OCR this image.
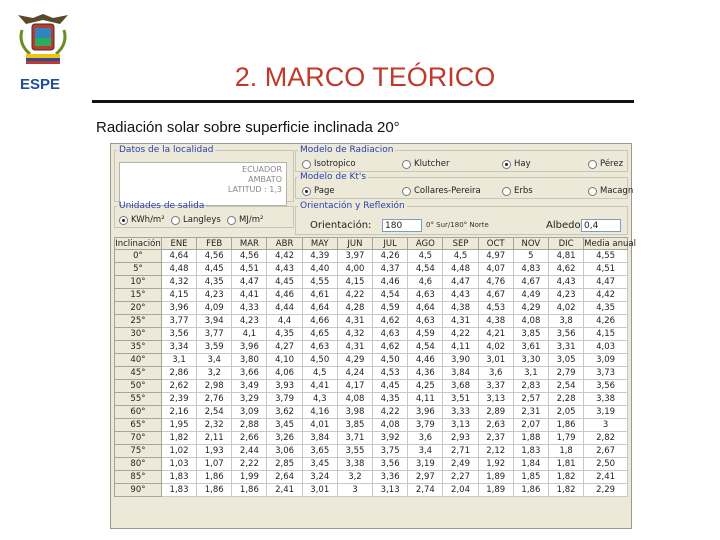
ESPE	2. MARCO TEÓRICO
Radiación solar sobre superficie inclinada 20°
Datos de la localidad
ECUADOR
AMBATO
LATITUD : 1,3
Unidades de salida
KWh/m² Langleys MJ/m²
Modelo de Radiacion
Isotropico	Klutcher	Hay	Pérez
Modelo de Kt's
Page	Collares-Pereira	Erbs	Macagn
Orientación y Reflexión
Orientación:	180	0° Sur/180° Norte	Albedo 0,4
Inclinación	ENE	FEB	MAR	ABR	MAY	JUN	JUL	AGO	SEP	OCT	NOV	DIC	Media anual
0°	4,64	4,56	4,56	4,42	4,39	3,97	4,26	4,5	4,5	4,97	5	4,81	4,55
5°	4,48	4,45	4,51	4,43	4,40	4,00	4,37	4,54	4,48	4,07	4,83	4,62	4,51
10°	4,32	4,35	4,47	4,45	4,55	4,15	4,46	4,6	4,47	4,76	4,67	4,43	4,47
15°	4,15	4,23	4,41	4,46	4,61	4,22	4,54	4,63	4,43	4,67	4,49	4,23	4,42
20°	3,96	4,09	4,33	4,44	4,64	4,28	4,59	4,64	4,38	4,53	4,29	4,02	4,35
25°	3,77	3,94	4,23	4,4	4,66	4,31	4,62	4,63	4,31	4,38	4,08	3,8	4,26
30°	3,56	3,77	4,1	4,35	4,65	4,32	4,63	4,59	4,22	4,21	3,85	3,56	4,15
35°	3,34	3,59	3,96	4,27	4,63	4,31	4,62	4,54	4,11	4,02	3,61	3,31	4,03
40°	3,1	3,4	3,80	4,10	4,50	4,29	4,50	4,46	3,90	3,01	3,30	3,05	3,09
45°	2,86	3,2	3,66	4,06	4,5	4,24	4,53	4,36	3,84	3,6	3,1	2,79	3,73
50°	2,62	2,98	3,49	3,93	4,41	4,17	4,45	4,25	3,68	3,37	2,83	2,54	3,56
55°	2,39	2,76	3,29	3,79	4,3	4,08	4,35	4,11	3,51	3,13	2,57	2,28	3,38
60°	2,16	2,54	3,09	3,62	4,16	3,98	4,22	3,96	3,33	2,89	2,31	2,05	3,19
65°	1,95	2,32	2,88	3,45	4,01	3,85	4,08	3,79	3,13	2,63	2,07	1,86	3
70°	1,82	2,11	2,66	3,26	3,84	3,71	3,92	3,6	2,93	2,37	1,88	1,79	2,82
75°	1,02	1,93	2,44	3,06	3,65	3,55	3,75	3,4	2,71	2,12	1,83	1,8	2,67
80°	1,03	1,07	2,22	2,85	3,45	3,38	3,56	3,19	2,49	1,92	1,84	1,81	2,50
85°	1,83	1,86	1,99	2,64	3,24	3,2	3,36	2,97	2,27	1,89	1,85	1,82	2,41
90°	1,83	1,86	1,86	2,41	3,01	3	3,13	2,74	2,04	1,89	1,86	1,82	2,29
